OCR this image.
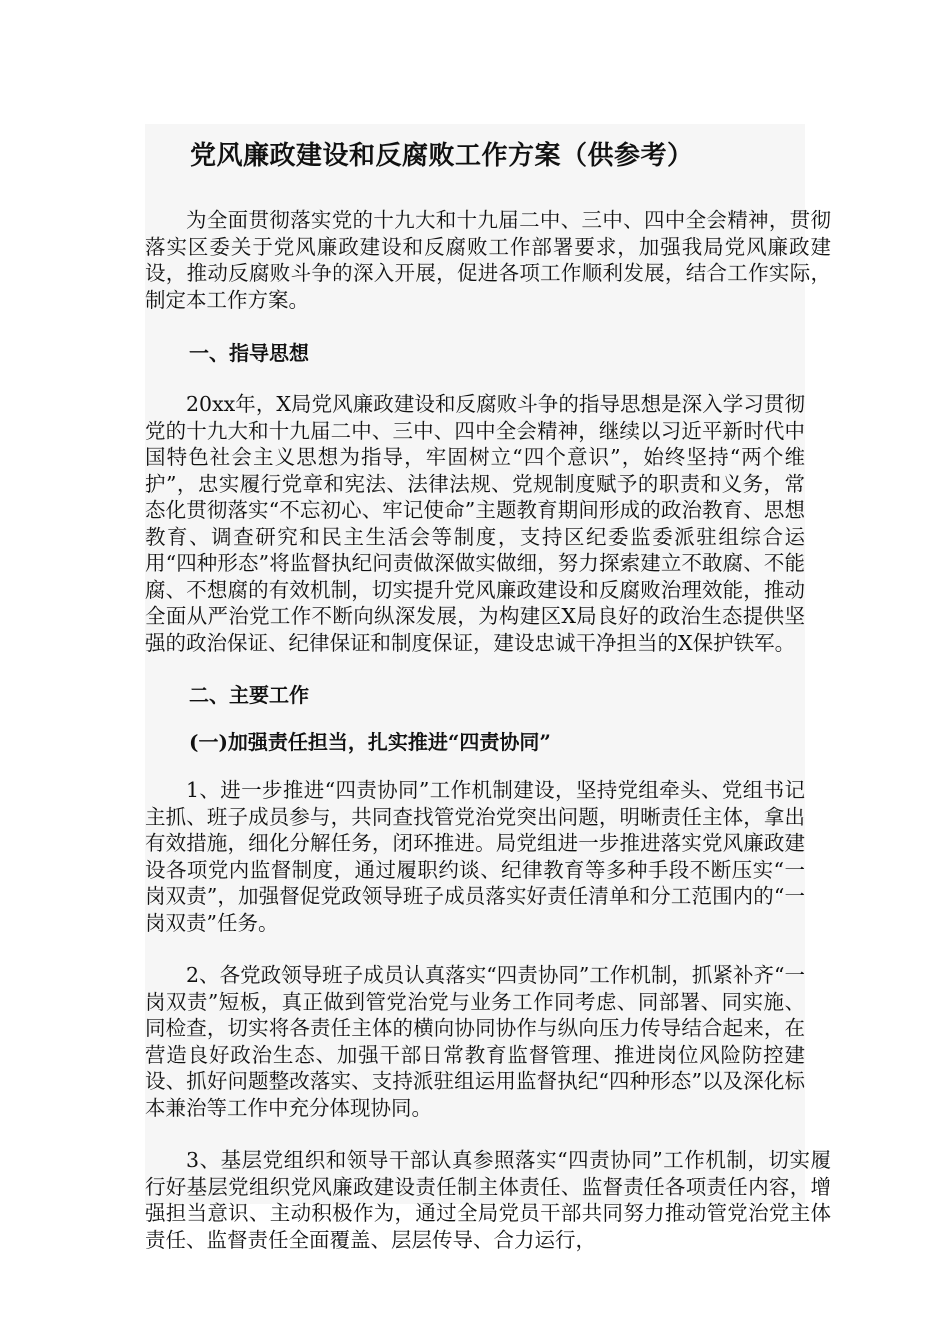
党风廉政建设和反腐败工作方案（供参考）

为全面贯彻落实党的十九大和十九届二中、三中、四中全会精神，贯彻落实区委关于党风廉政建设和反腐败工作部署要求，加强我局党风廉政建设，推动反腐败斗争的深入开展，促进各项工作顺利发展，结合工作实际，制定本工作方案。

一、指导思想

20xx年，X局党风廉政建设和反腐败斗争的指导思想是深入学习贯彻党的十九大和十九届二中、三中、四中全会精神，继续以习近平新时代中国特色社会主义思想为指导，牢固树立“四个意识”，始终坚持“两个维护”，忠实履行党章和宪法、法律法规、党规制度赋予的职责和义务，常态化贯彻落实“不忘初心、牢记使命”主题教育期间形成的政治教育、思想教育、调查研究和民主生活会等制度，支持区纪委监委派驻组综合运用“四种形态”将监督执纪问责做深做实做细，努力探索建立不敢腐、不能腐、不想腐的有效机制，切实提升党风廉政建设和反腐败治理效能，推动全面从严治党工作不断向纵深发展，为构建区X局良好的政治生态提供坚强的政治保证、纪律保证和制度保证，建设忠诚干净担当的X保护铁军。

二、主要工作

(一)加强责任担当，扎实推进“四责协同”

1、进一步推进“四责协同”工作机制建设，坚持党组牵头、党组书记主抓、班子成员参与，共同查找管党治党突出问题，明晰责任主体，拿出有效措施，细化分解任务，闭环推进。局党组进一步推进落实党风廉政建设各项党内监督制度，通过履职约谈、纪律教育等多种手段不断压实“一岗双责”，加强督促党政领导班子成员落实好责任清单和分工范围内的“一岗双责”任务。

2、各党政领导班子成员认真落实“四责协同”工作机制，抓紧补齐“一岗双责”短板，真正做到管党治党与业务工作同考虑、同部署、同实施、同检查，切实将各责任主体的横向协同协作与纵向压力传导结合起来，在营造良好政治生态、加强干部日常教育监督管理、推进岗位风险防控建设、抓好问题整改落实、支持派驻组运用监督执纪“四种形态”以及深化标本兼治等工作中充分体现协同。

3、基层党组织和领导干部认真参照落实“四责协同”工作机制，切实履行好基层党组织党风廉政建设责任制主体责任、监督责任各项责任内容，增强担当意识、主动积极作为，通过全局党员干部共同努力推动管党治党主体责任、监督责任全面覆盖、层层传导、合力运行，
